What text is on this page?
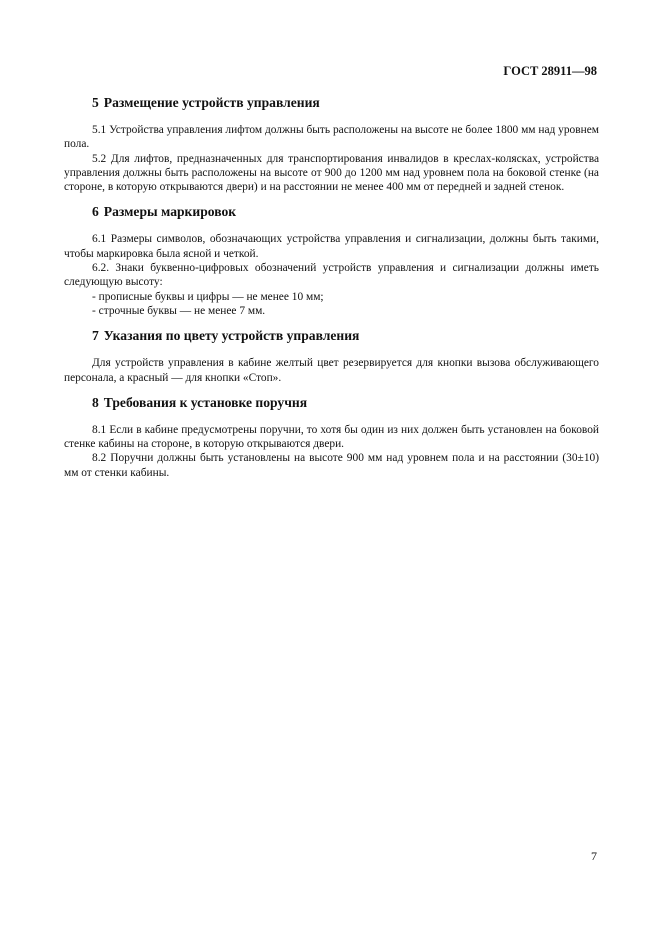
ГОСТ 28911—98
5 Размещение устройств управления

5.1 Устройства управления лифтом должны быть расположены на высоте не более 1800 мм над уровнем пола.

5.2 Для лифтов, предназначенных для транспортирования инвалидов в креслах-колясках, устройства управления должны быть расположены на высоте от 900 до 1200 мм над уровнем пола на боковой стенке (на стороне, в которую открываются двери) и на расстоянии не менее 400 мм от передней и задней стенок.

6 Размеры маркировок

6.1 Размеры символов, обозначающих устройства управления и сигнализации, должны быть такими, чтобы маркировка была ясной и четкой.

6.2. Знаки буквенно-цифровых обозначений устройств управления и сигнализации должны иметь следующую высоту:

- прописные буквы и цифры — не менее 10 мм;

- строчные буквы — не менее 7 мм.

7 Указания по цвету устройств управления

Для устройств управления в кабине желтый цвет резервируется для кнопки вызова обслуживающего персонала, а красный — для кнопки «Стоп».

8 Требования к установке поручня

8.1 Если в кабине предусмотрены поручни, то хотя бы один из них должен быть установлен на боковой стенке кабины на стороне, в которую открываются двери.

8.2 Поручни должны быть установлены на высоте 900 мм над уровнем пола и на расстоянии (30±10) мм от стенки кабины.

7
